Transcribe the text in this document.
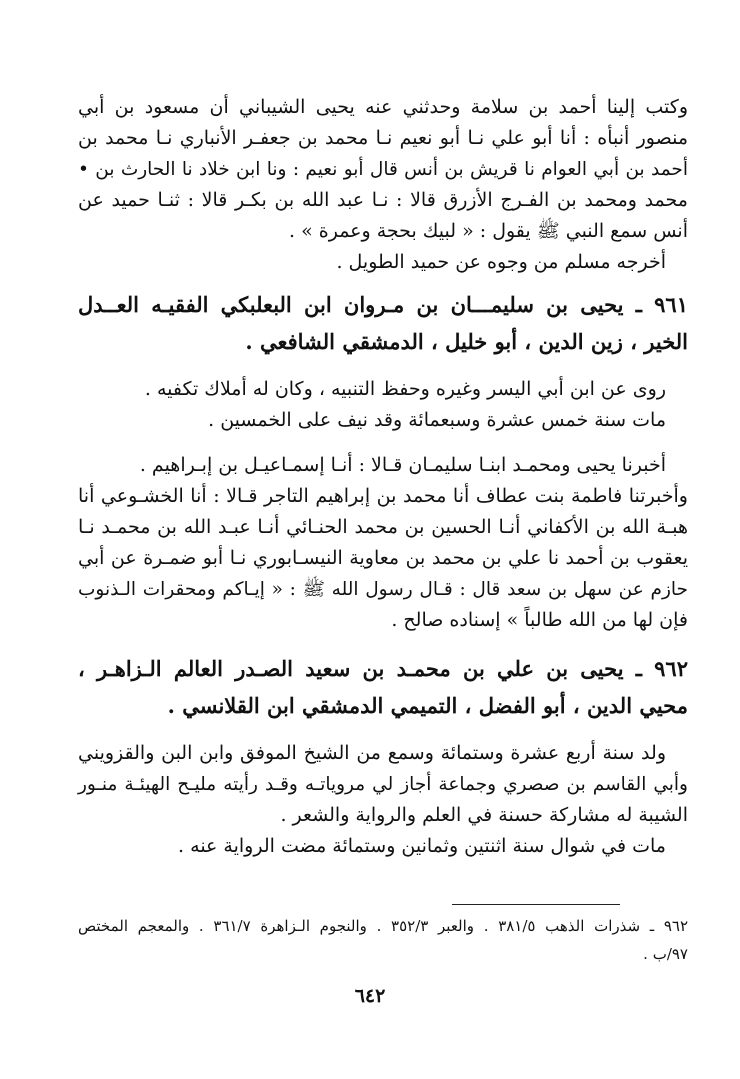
وكتب إلينا أحمد بن سلامة وحدثني عنه يحيى الشيباني أن مسعود بن أبي
منصور أنبأه : أنا أبو علي نـا أبو نعيم نـا محمد بن جعفـر الأنباري نـا محمد بن
أحمد بن أبي العوام نا قريش بن أنس قال أبو نعيم : ونا ابن خلاد نا الحارث بن •
محمد ومحمد بن الفـرج الأزرق قالا : نـا عبد الله بن بكـر قالا : ثنـا حميد عن
أنس سمع النبي ﷺ يقول : « لبيك بحجة وعمرة » .
أخرجه مسلم من وجوه عن حميد الطويل .
٩٦١ ـ يحيى بن سليمـــان بن مـروان ابن البعلبكي الفقيـه العــدل
الخير ، زين الدين ، أبو خليل ، الدمشقي الشافعي .
روى عن ابن أبي اليسر وغيره وحفظ التنبيه ، وكان له أملاك تكفيه .
مات سنة خمس عشرة وسبعمائة وقد نيف على الخمسين .
أخبرنا يحيى ومحمـد ابنـا سليمـان قـالا : أنـا إسمـاعيـل بن إبـراهيم .
وأخبرتنا فاطمة بنت عطاف أنا محمد بن إبراهيم التاجر قـالا : أنا الخشـوعي أنا
هبـة الله بن الأكفاني أنـا الحسين بن محمد الحنـائي أنـا عبـد الله بن محمـد نـا
يعقوب بن أحمد نا علي بن محمد بن معاوية النيسـابوري نـا أبو ضمـرة عن أبي
حازم عن سهل بن سعد قال : قـال رسول الله ﷺ : « إيـاكم ومحقرات الـذنوب
فإن لها من الله طالباً » إسناده صالح .
٩٦٢ ـ يحيى بن علي بن محمـد بن سعيد الصـدر العالم الـزاهـر ،
محيي الدين ، أبو الفضل ، التميمي الدمشقي ابن القلانسي .
ولد سنة أربع عشرة وستمائة وسمع من الشيخ الموفق وابن البن والقزويني
وأبي القاسم بن صصري وجماعة أجاز لي مروياتـه وقـد رأيته مليـح الهيئـة منـور
الشيبة له مشاركة حسنة في العلم والرواية والشعر .
مات في شوال سنة اثنتين وثمانين وستمائة مضت الرواية عنه .
٩٦٢ ـ شذرات الذهب ٣٨١/٥ . والعبر ٣٥٢/٣ . والنجوم الـزاهرة ٣٦١/٧ . والمعجم المختص
٩٧/ب .
٦٤٢
